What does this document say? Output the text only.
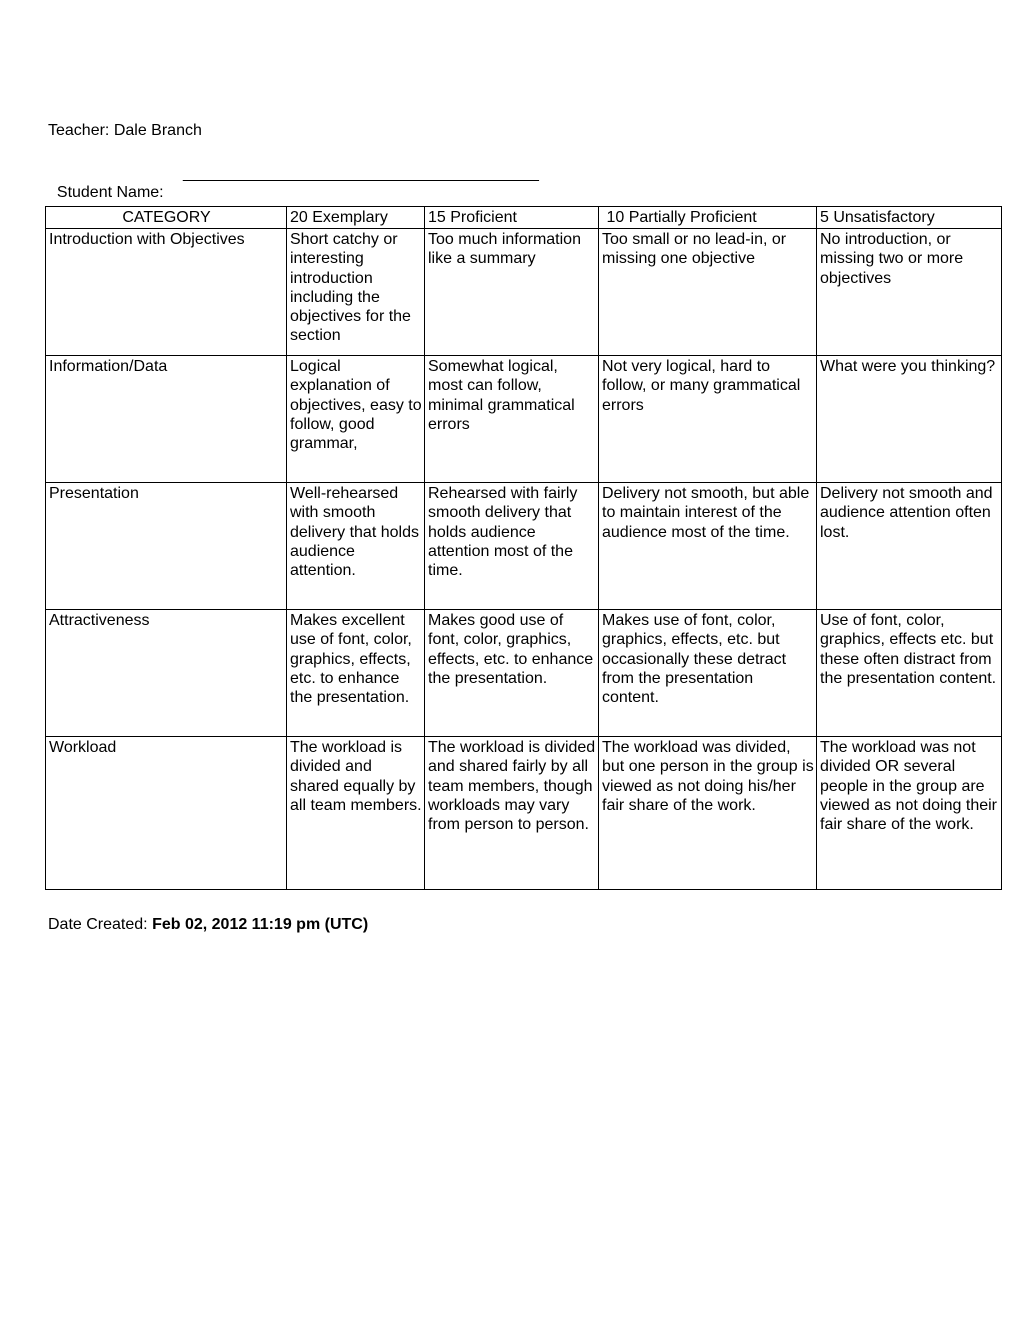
Teacher: Dale Branch

Student Name:

________________________________________

CATEGORY	20 Exemplary	15 Proficient	10 Partially Proficient	5 Unsatisfactory
Introduction with Objectives	Short catchy or interesting introduction including the objectives for the section	Too much information like a summary	Too small or no lead-in, or missing one objective	No introduction, or missing two or more objectives
Information/Data	Logical explanation of objectives, easy to follow, good grammar,	Somewhat logical, most can follow, minimal grammatical errors	Not very logical, hard to follow, or many grammatical errors	What were you thinking?
Presentation	Well-rehearsed with smooth delivery that holds audience attention.	Rehearsed with fairly smooth delivery that holds audience attention most of the time.	Delivery not smooth, but able to maintain interest of the audience most of the time.	Delivery not smooth and audience attention often lost.
Attractiveness	Makes excellent use of font, color, graphics, effects, etc. to enhance the presentation.	Makes good use of font, color, graphics, effects, etc. to enhance the presentation.	Makes use of font, color, graphics, effects, etc. but occasionally these detract from the presentation content.	Use of font, color, graphics, effects etc. but these often distract from the presentation content.
Workload	The workload is divided and shared equally by all team members.	The workload is divided and shared fairly by all team members, though workloads may vary from person to person.	The workload was divided, but one person in the group is viewed as not doing his/her fair share of the work.	The workload was not divided OR several people in the group are viewed as not doing their fair share of the work.
Date Created: Feb 02, 2012 11:19 pm (UTC)
